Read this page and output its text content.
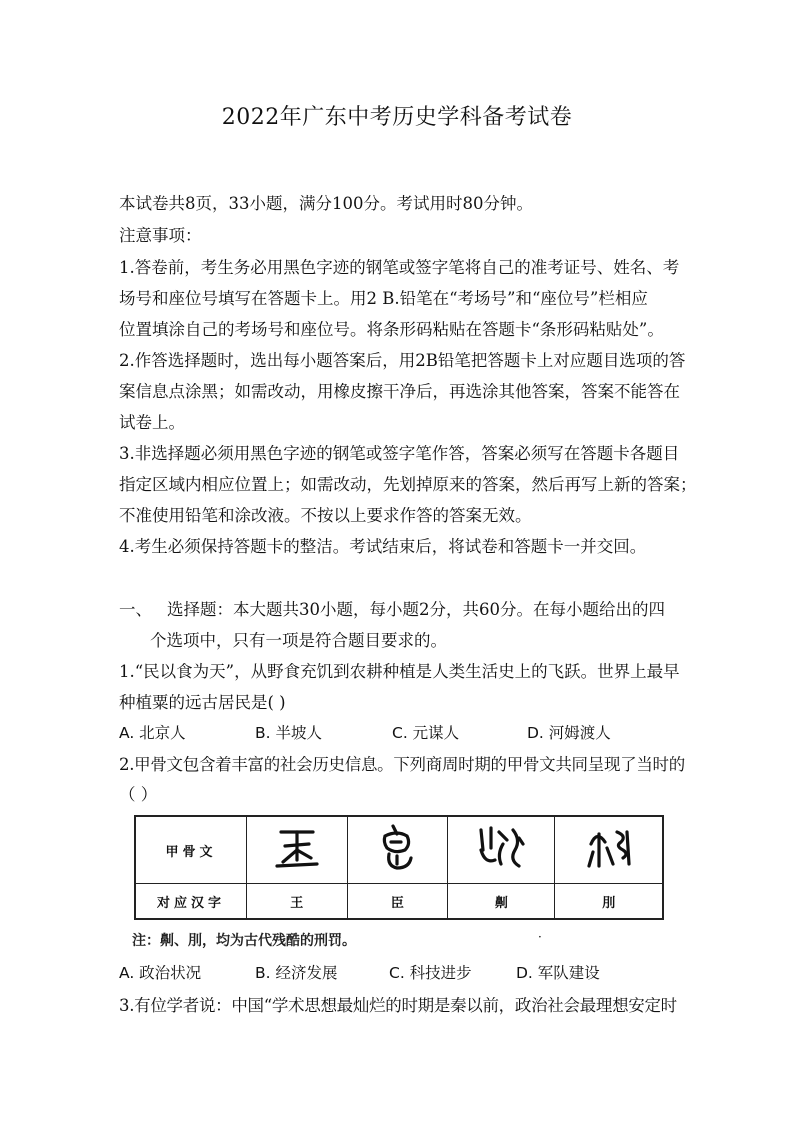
2022年广东中考历史学科备考试卷
本试卷共8页，33小题，满分100分。考试用时80分钟。
注意事项：
1.答卷前，考生务必用黑色字迹的钢笔或签字笔将自己的准考证号、姓名、考
场号和座位号填写在答题卡上。用2 B.铅笔在“考场号”和“座位号”栏相应
位置填涂自己的考场号和座位号。将条形码粘贴在答题卡“条形码粘贴处”。
2.作答选择题时，选出每小题答案后，用2B铅笔把答题卡上对应题目选项的答
案信息点涂黑；如需改动，用橡皮擦干净后，再选涂其他答案，答案不能答在
试卷上。
3.非选择题必须用黑色字迹的钢笔或签字笔作答，答案必须写在答题卡各题目
指定区域内相应位置上；如需改动，先划掉原来的答案，然后再写上新的答案；
不准使用铅笔和涂改液。不按以上要求作答的答案无效。
4.考生必须保持答题卡的整洁。考试结束后，将试卷和答题卡一并交回。
一、 选择题：本大题共30小题，每小题2分，共60分。在每小题给出的四
个选项中，只有一项是符合题目要求的。
1.“民以食为天”，从野食充饥到农耕种植是人类生活史上的飞跃。世界上最早
种植粟的远古居民是( )
A. 北京人	B. 半坡人	C. 元谋人	D. 河姆渡人
2.甲骨文包含着丰富的社会历史信息。下列商周时期的甲骨文共同呈现了当时的
（ ）
甲骨文				
对应汉字	王	臣	劓	刖
注：劓、刖，均为古代残酷的刑罚。	·
A. 政治状况	B. 经济发展	C. 科技进步	D. 军队建设
3.有位学者说：中国“学术思想最灿烂的时期是秦以前，政治社会最理想安定时
